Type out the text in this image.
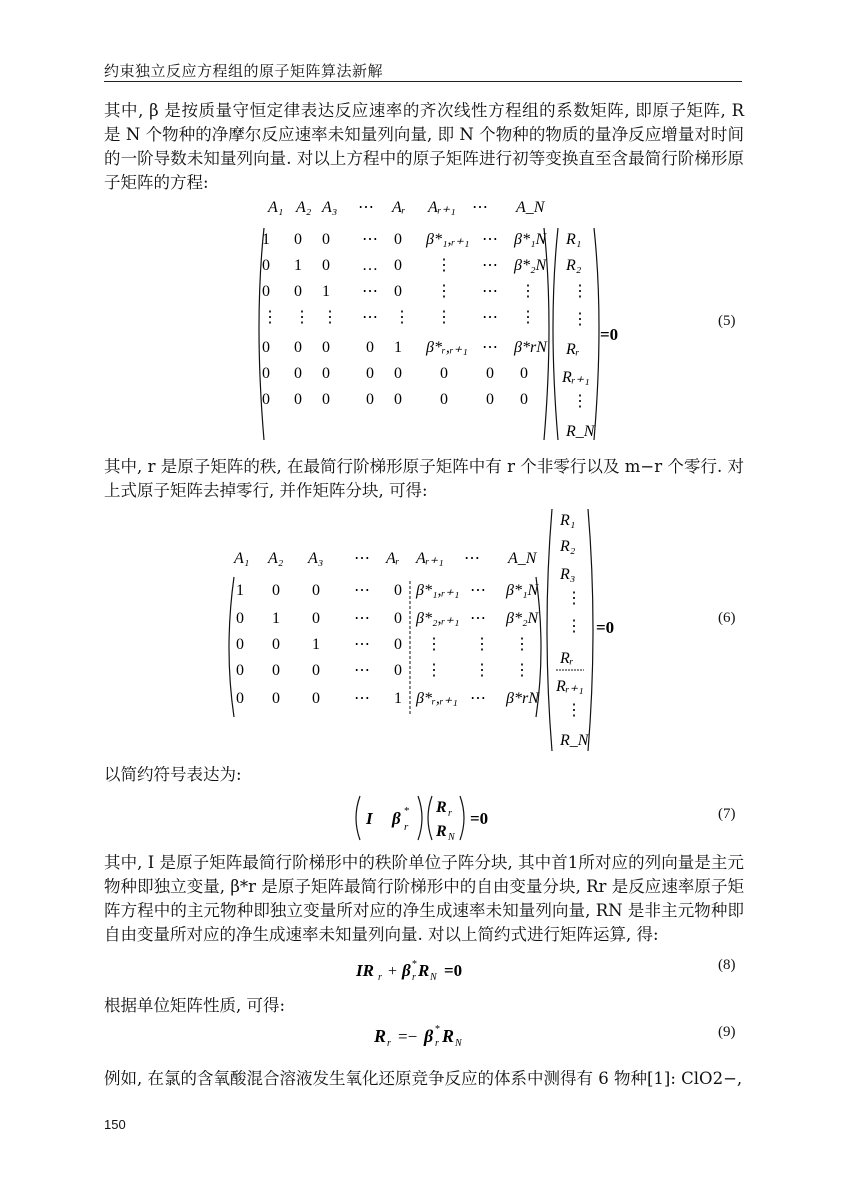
约束独立反应方程组的原子矩阵算法新解
其中, β 是按质量守恒定律表达反应速率的齐次线性方程组的系数矩阵, 即原子矩阵, R 是 N 个物种的净摩尔反应速率未知量列向量, 即 N 个物种的物质的量净反应增量对时间的一阶导数未知量列向量. 对以上方程中的原子矩阵进行初等变换直至含最简行阶梯形原子矩阵的方程:
A₁ A₂ A₃ ⋯ Aᵣ Aᵣ₊₁ ⋯ A_N
1 0 0 ⋯ 0 β*₁,ᵣ₊₁ ⋯ β*₁N
0 1 0 … 0 ⋮ ⋯ β*₂N
0 0 1 ⋯ 0 ⋮ ⋯ ⋮
⋮ ⋮ ⋮ ⋯ ⋮ ⋮ ⋯ ⋮
0 0 0 0 1 β*ᵣ,ᵣ₊₁ ⋯ β*rN
0 0 0 0 0 0 0 0
0 0 0 0 0 0 0 0
R₁
R₂
⋮
⋮
Rᵣ
Rᵣ₊₁
⋮
R_N
=0
(5)
其中, r 是原子矩阵的秩, 在最简行阶梯形原子矩阵中有 r 个非零行以及 m−r 个零行. 对上式原子矩阵去掉零行, 并作矩阵分块, 可得:
A₁ A₂ A₃ ⋯ Aᵣ Aᵣ₊₁ ⋯ A_N
1 0 0 ⋯ 0 β*₁,ᵣ₊₁ ⋯ β*₁N
0 1 0 ⋯ 0 β*₂,ᵣ₊₁ ⋯ β*₂N
0 0 1 ⋯ 0 ⋮ ⋮ ⋮
0 0 0 ⋯ 0 ⋮ ⋮ ⋮
0 0 0 ⋯ 1 β*ᵣ,ᵣ₊₁ ⋯ β*rN
R₁
R₂
R₃
⋮
⋮
Rᵣ
Rᵣ₊₁
⋮
R_N
=0	(6)
以简约符号表达为:
I β *
r
R r
R N
=0	(7)
其中, I 是原子矩阵最简行阶梯形中的秩阶单位子阵分块, 其中首1所对应的列向量是主元物种即独立变量, β*r 是原子矩阵最简行阶梯形中的自由变量分块, Rr 是反应速率原子矩阵方程中的主元物种即独立变量所对应的净生成速率未知量列向量, RN 是非主元物种即自由变量所对应的净生成速率未知量列向量. 对以上简约式进行矩阵运算, 得:
IR r + β *
r R N =0	(8)
根据单位矩阵性质, 可得:
R r =− β *
r R N
(9)
例如, 在氯的含氧酸混合溶液发生氧化还原竞争反应的体系中测得有 6 物种[1]: ClO2−,
150
